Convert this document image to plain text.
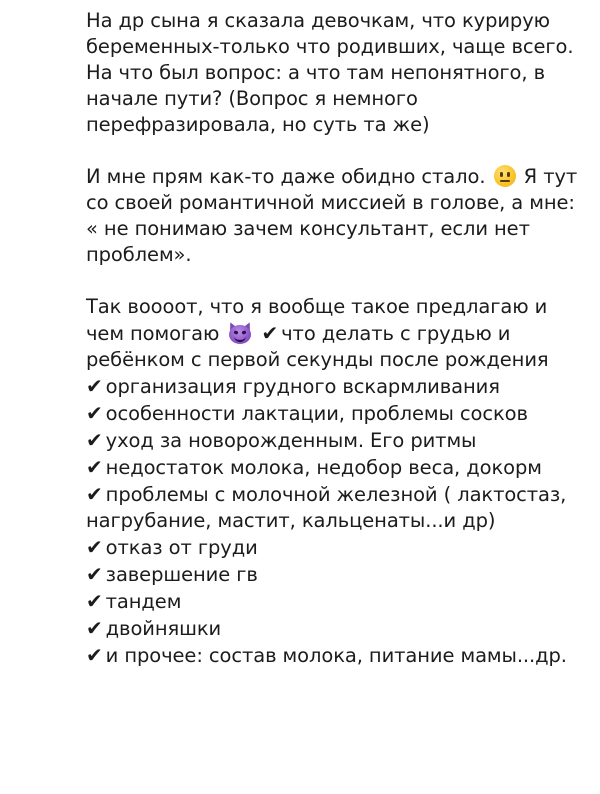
На др сына я сказала девочкам, что курирую беременных-только что родивших, чаще всего. На что был вопрос: а что там непонятного, в начале пути? (Вопрос я немного перефразировала, но суть та же)

И мне прям как-то даже обидно стало.
Я тут со своей романтичной миссией в голове, а мне: « не понимаю зачем консультант, если нет проблем».

Так воооот, что я вообще такое предлагаю и чем помогаю
✔ что делать с грудью и ребёнком с первой секунды после рождения

✔ организация грудного вскармливания
✔ особенности лактации, проблемы сосков
✔ уход за новорожденным. Его ритмы
✔ недостаток молока, недобор веса, докорм
✔ проблемы с молочной железной ( лактостаз, нагрубание, мастит, кальценаты...и др)
✔ отказ от груди
✔ завершение гв
✔ тандем
✔ двойняшки
✔ и прочее: состав молока, питание мамы...др.
